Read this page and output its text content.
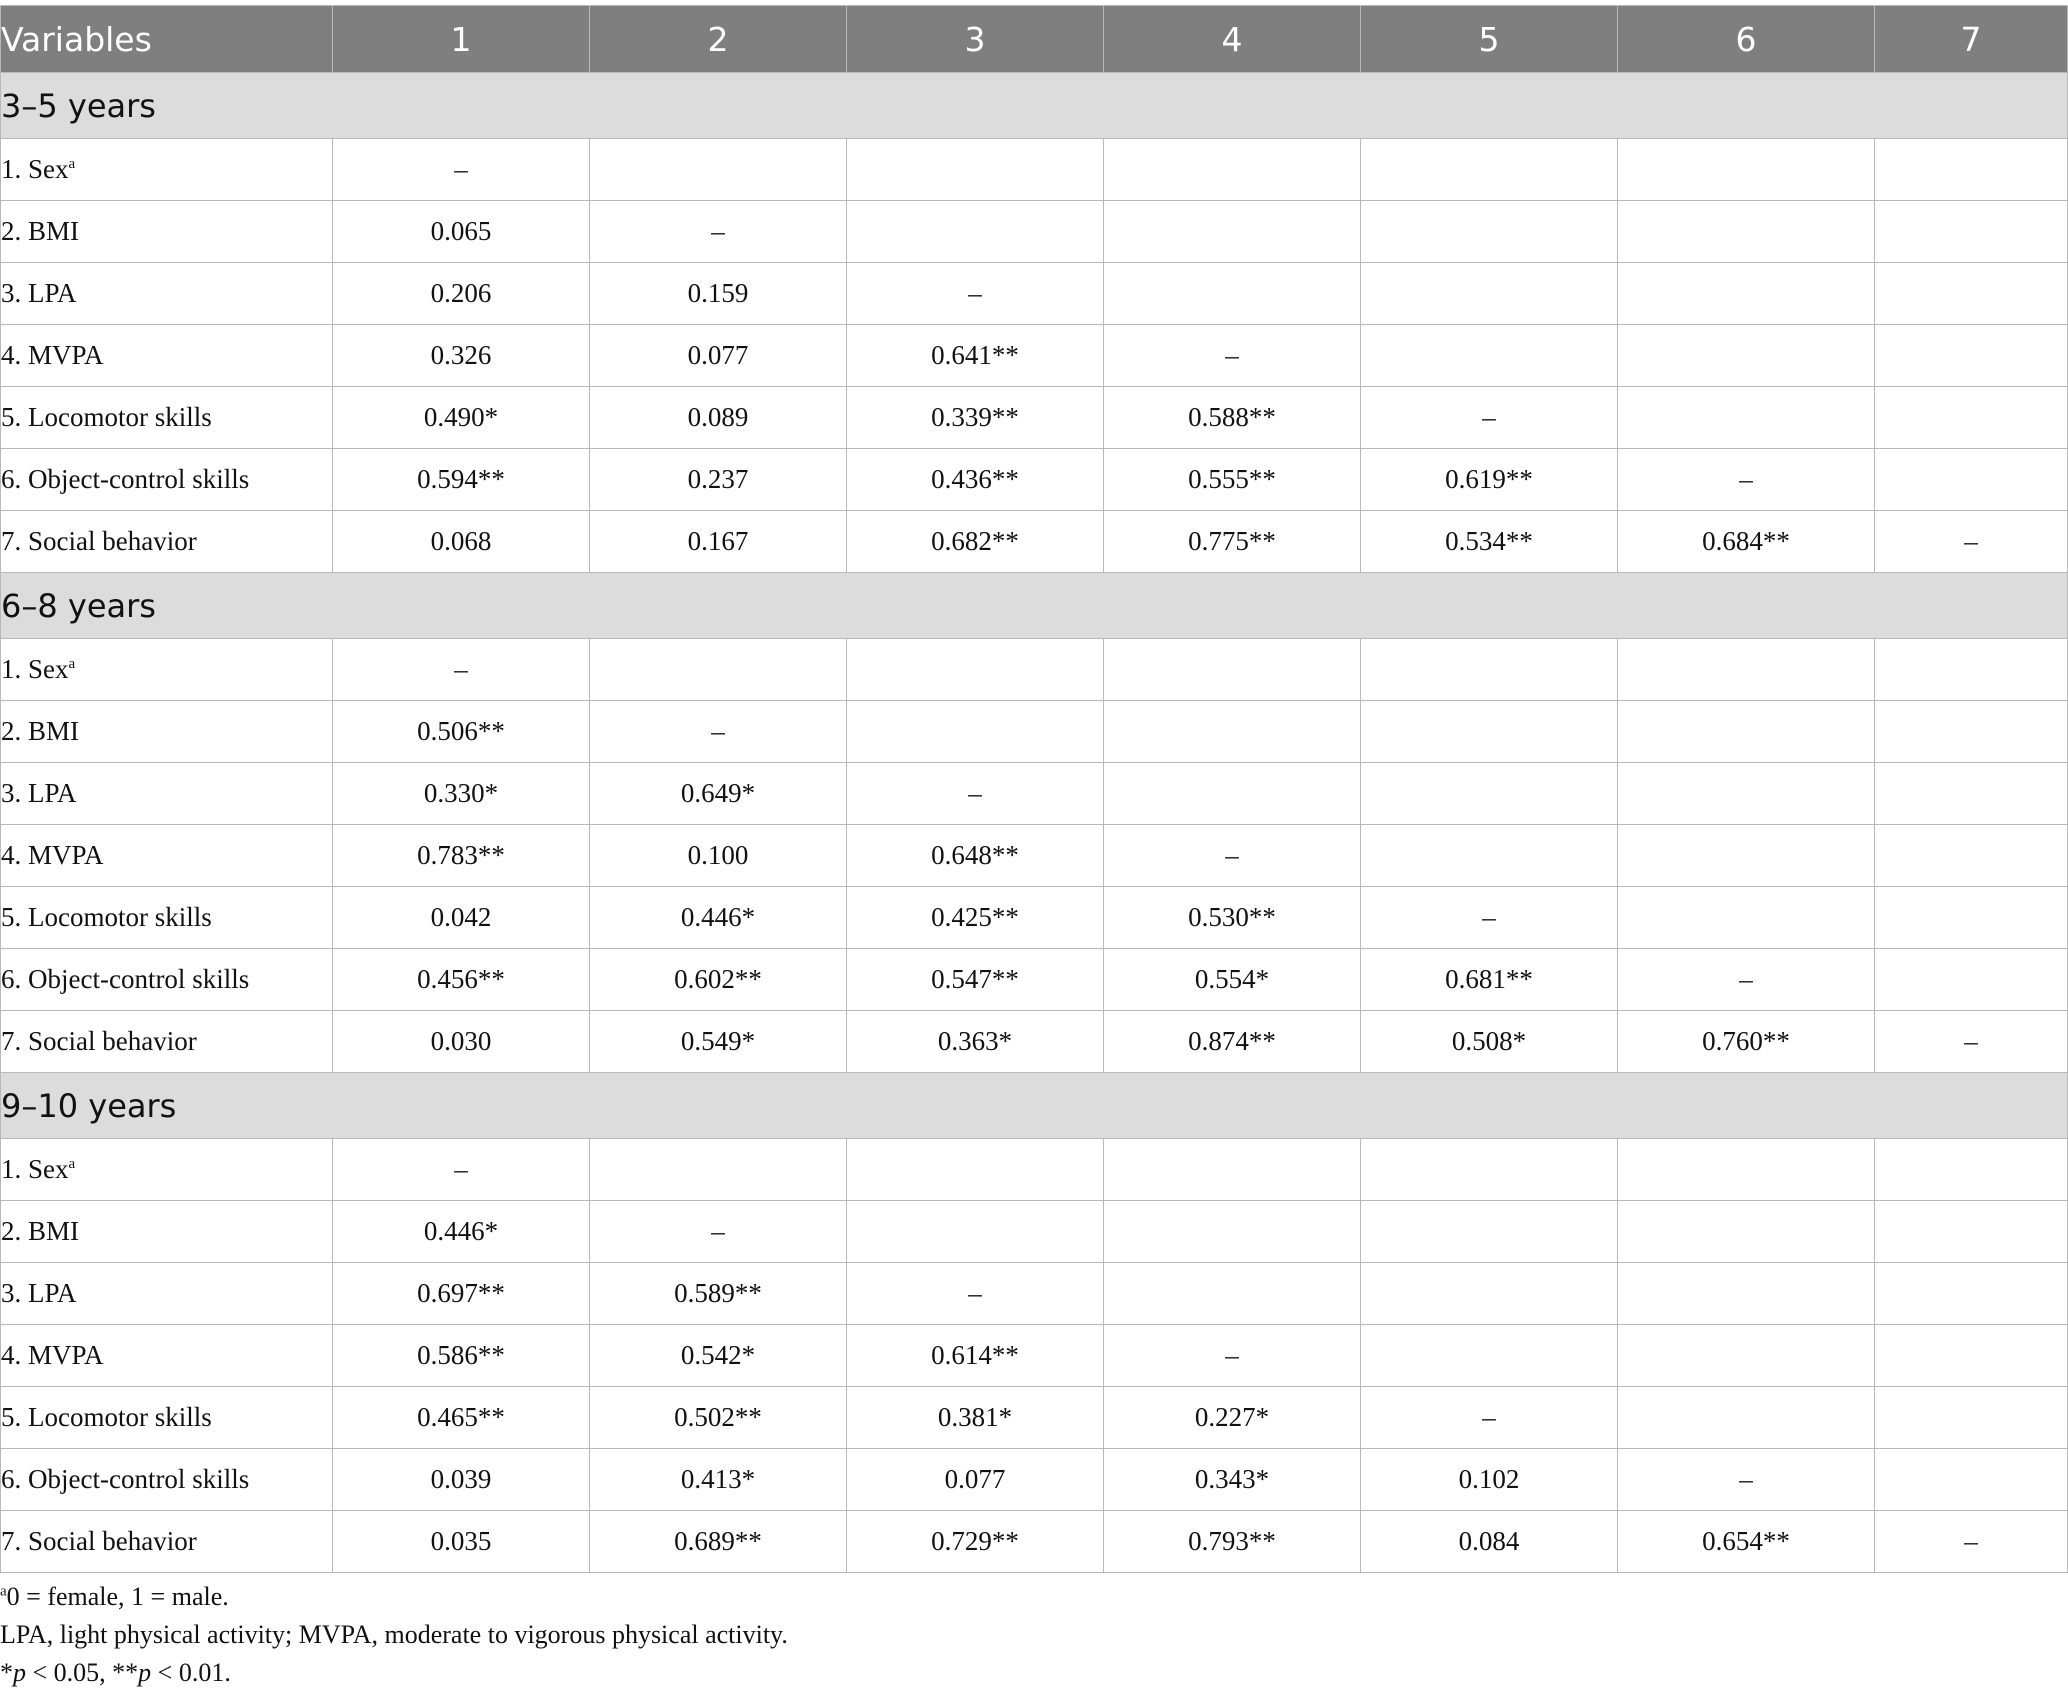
Variables	1	2	3	4	5	6	7
3–5 years							
1. Sex$^a$	–						
2. BMI	0.065	–					
3. LPA	0.206	0.159	–				
4. MVPA	0.326	0.077	0.641**	–			
5. Locomotor skills	0.490*	0.089	0.339**	0.588**	–		
6. Object-control skills	0.594**	0.237	0.436**	0.555**	0.619**	–	
7. Social behavior	0.068	0.167	0.682**	0.775**	0.534**	0.684**	–
6–8 years							
1. Sex$^a$	–						
2. BMI	0.506**	–					
3. LPA	0.330*	0.649*	–				
4. MVPA	0.783**	0.100	0.648**	–			
5. Locomotor skills	0.042	0.446*	0.425**	0.530**	–		
6. Object-control skills	0.456**	0.602**	0.547**	0.554*	0.681**	–	
7. Social behavior	0.030	0.549*	0.363*	0.874**	0.508*	0.760**	–
9–10 years							
1. Sex$^a$	–						
2. BMI	0.446*	–					
3. LPA	0.697**	0.589**	–				
4. MVPA	0.586**	0.542*	0.614**	–			
5. Locomotor skills	0.465**	0.502**	0.381*	0.227*	–		
6. Object-control skills	0.039	0.413*	0.077	0.343*	0.102	–	
7. Social behavior	0.035	0.689**	0.729**	0.793**	0.084	0.654**	–
$^a$0 = female, 1 = male.
LPA, light physical activity; MVPA, moderate to vigorous physical activity.
*p < 0.05, **p < 0.01.
